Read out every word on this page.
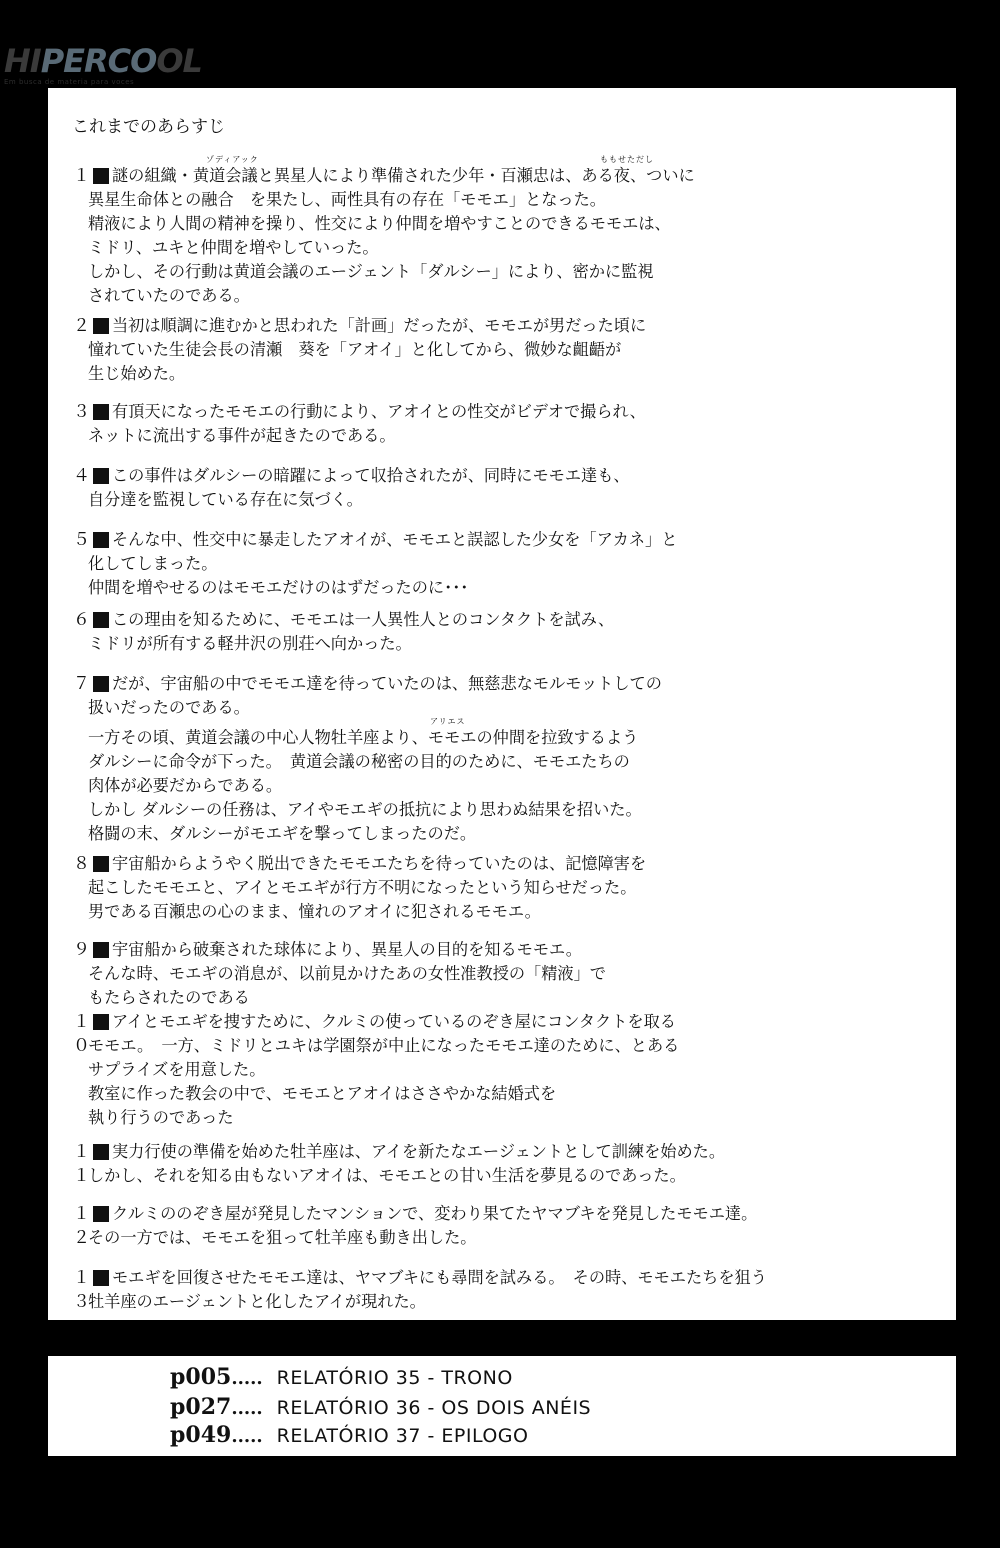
HIPERCOOL
Em busca de materia para voces
これまでのあらすじ
ゾディアック	ももせただし
１	謎の組織・黄道会議と異星人により準備された少年・百瀬忠は、ある夜、ついに
異星生命体との融合　を果たし、両性具有の存在「モモエ」となった。
精液により人間の精神を操り、性交により仲間を増やすことのできるモモエは、
ミドリ、ユキと仲間を増やしていった。
しかし、その行動は黄道会議のエージェント「ダルシー」により、密かに監視
されていたのである。
２	当初は順調に進むかと思われた「計画」だったが、モモエが男だった頃に
憧れていた生徒会長の清瀬　葵を「アオイ」と化してから、微妙な齟齬が
生じ始めた。
３	有頂天になったモモエの行動により、アオイとの性交がビデオで撮られ、
ネットに流出する事件が起きたのである。
４	この事件はダルシーの暗躍によって収拾されたが、同時にモモエ達も、
自分達を監視している存在に気づく。
５	そんな中、性交中に暴走したアオイが、モモエと誤認した少女を「アカネ」と
化してしまった。
仲間を増やせるのはモモエだけのはずだったのに･･･
６	この理由を知るために、モモエは一人異性人とのコンタクトを試み、
ミドリが所有する軽井沢の別荘へ向かった。
アリエス
７	だが、宇宙船の中でモモエ達を待っていたのは、無慈悲なモルモットしての
扱いだったのである。
一方その頃、黄道会議の中心人物牡羊座より、モモエの仲間を拉致するよう
ダルシーに命令が下った。　黄道会議の秘密の目的のために、モモエたちの
肉体が必要だからである。
しかし ダルシーの任務は、アイやモエギの抵抗により思わぬ結果を招いた。
格闘の末、ダルシーがモエギを撃ってしまったのだ。
８	宇宙船からようやく脱出できたモモエたちを待っていたのは、記憶障害を
起こしたモモエと、アイとモエギが行方不明になったという知らせだった。
男である百瀬忠の心のまま、憧れのアオイに犯されるモモエ。
９	宇宙船から破棄された球体により、異星人の目的を知るモモエ。
そんな時、モエギの消息が、以前見かけたあの女性准教授の「精液」で
もたらされたのである
１０
アイとモエギを捜すために、クルミの使っているのぞき屋にコンタクトを取る
モモエ。　一方、ミドリとユキは学園祭が中止になったモモエ達のために、とある
サプライズを用意した。
教室に作った教会の中で、モモエとアオイはささやかな結婚式を
執り行うのであった
１１
実力行使の準備を始めた牡羊座は、アイを新たなエージェントとして訓練を始めた。
しかし、それを知る由もないアオイは、モモエとの甘い生活を夢見るのであった。
１２
クルミののぞき屋が発見したマンションで、変わり果てたヤマブキを発見したモモエ達。
その一方では、モモエを狙って牡羊座も動き出した。
１３
モエギを回復させたモモエ達は、ヤマブキにも尋問を試みる。　その時、モモエたちを狙う
牡羊座のエージェントと化したアイが現れた。
p005..... RELATÓRIO 35 - TRONO
p027..... RELATÓRIO 36 - OS DOIS ANÉIS
p049..... RELATÓRIO 37 - EPILOGO
